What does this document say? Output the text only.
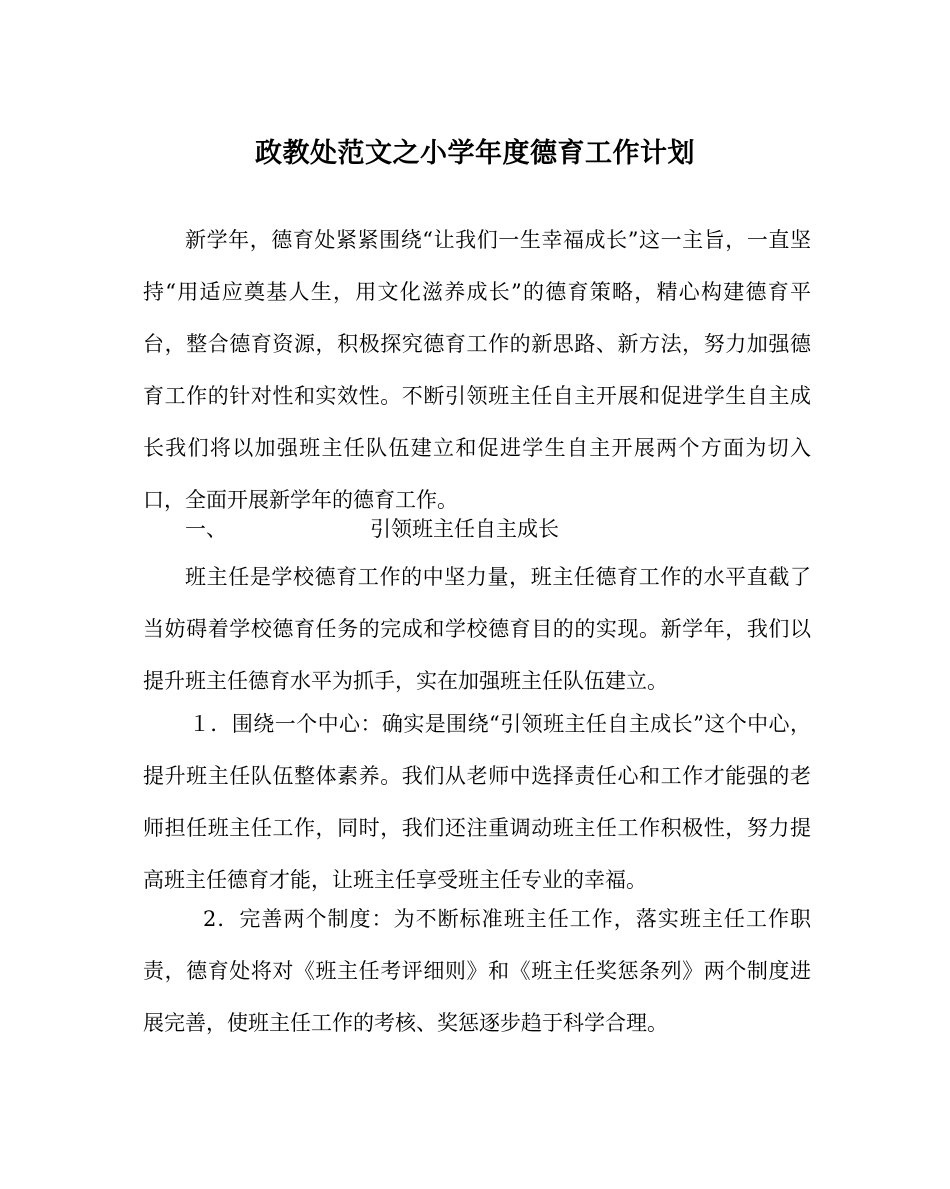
政教处范文之小学年度德育工作计划
新学年，德育处紧紧围绕“让我们一生幸福成长”这一主旨，一直坚持“用适应奠基人生，用文化滋养成长”的德育策略，精心构建德育平台，整合德育资源，积极探究德育工作的新思路、新方法，努力加强德育工作的针对性和实效性。不断引领班主任自主开展和促进学生自主成长我们将以加强班主任队伍建立和促进学生自主开展两个方面为切入口，全面开展新学年的德育工作。
一、	引领班主任自主成长
班主任是学校德育工作的中坚力量，班主任德育工作的水平直截了当妨碍着学校德育任务的完成和学校德育目的的实现。新学年，我们以提升班主任德育水平为抓手，实在加强班主任队伍建立。
１．围绕一个中心：确实是围绕“引领班主任自主成长”这个中心，提升班主任队伍整体素养。我们从老师中选择责任心和工作才能强的老师担任班主任工作，同时，我们还注重调动班主任工作积极性，努力提高班主任德育才能，让班主任享受班主任专业的幸福。
2．完善两个制度：为不断标准班主任工作，落实班主任工作职责，德育处将对《班主任考评细则》和《班主任奖惩条列》两个制度进展完善，使班主任工作的考核、奖惩逐步趋于科学合理。
